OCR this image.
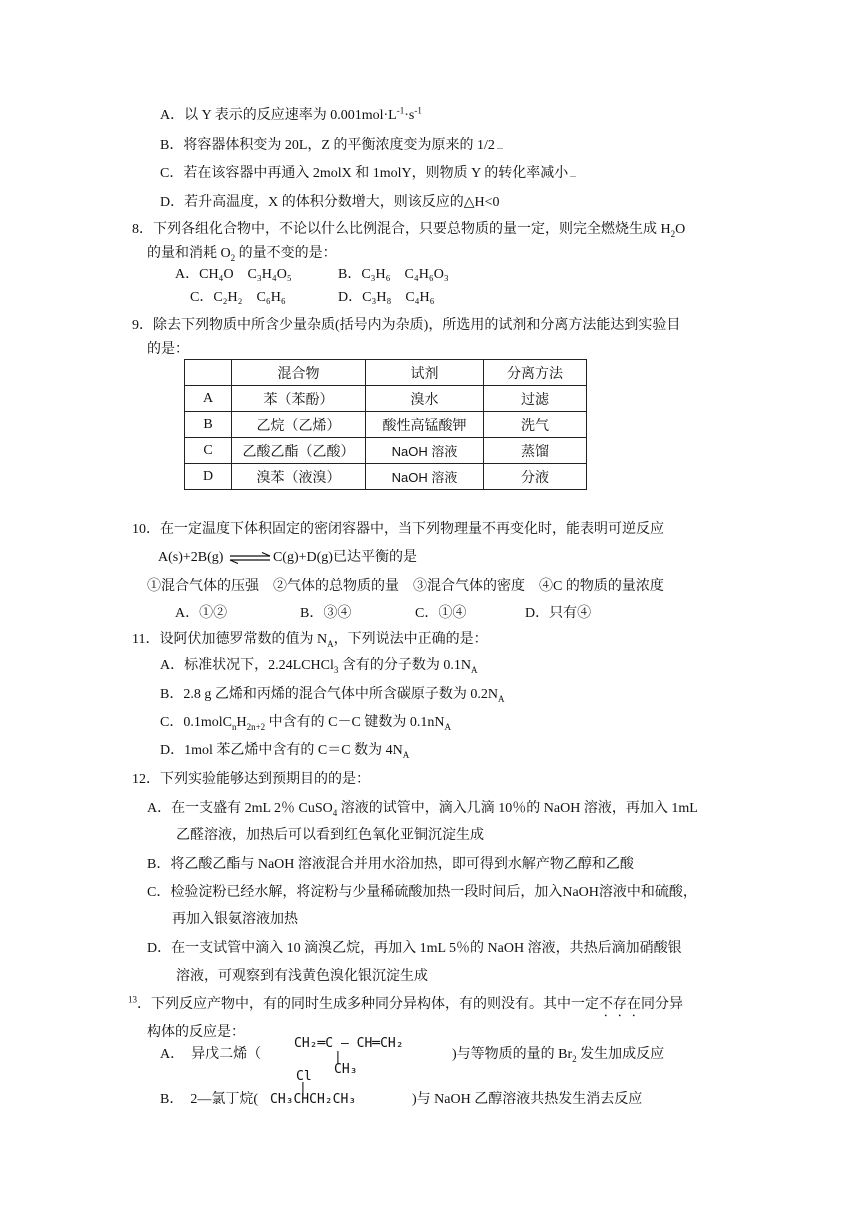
A．以 Y 表示的反应速率为 $0.001mol\cdot L^{-1}\cdot s^{-1}$
B．将容器体积变为 20L，Z 的平衡浓度变为原来的 1/2
C．若在该容器中再通入 2molX 和 1molY，则物质 Y 的转化率减小
D．若升高温度，X 的体积分数增大，则该反应的△H<0
8．下列各组化合物中，不论以什么比例混合，只要总物质的量一定，则完全燃烧生成 $H_2O$
的量和消耗 $O_2$ 的量不变的是：
A．CH₄O　C₃H₄O₅	B．C₃H₆　C₄H₆O₃
C．C₂H₂　C₆H₆	D．C₃H₈　C₄H₆
9．除去下列物质中所含少量杂质(括号内为杂质)，所选用的试剂和分离方法能达到实验目
的是：
	混合物	试剂	分离方法
A	苯（苯酚）	溴水	过滤
B	乙烷（乙烯）	酸性高锰酸钾	洗气
C	乙酸乙酯（乙酸）	NaOH 溶液	蒸馏
D	溴苯（液溴）	NaOH 溶液	分液
10．在一定温度下体积固定的密闭容器中，当下列物理量不再变化时，能表明可逆反应
A(s)+2B(g) ⇌C(g)+D(g)已达平衡的是
①混合气体的压强　②气体的总物质的量　③混合气体的密度　④C 的物质的量浓度
A．①②	B．③④	C．①④	D．只有④
11．设阿伏加德罗常数的值为 $N_A$，下列说法中正确的是：
A．标准状况下，2.24LCHCl$_3$ 含有的分子数为 $0.1N_A$
B．2.8 g 乙烯和丙烯的混合气体中所含碳原子数为 $0.2N_A$
C．$0.1molC_nH_{2n+2}$ 中含有的 C－C 键数为 $0.1nN_A$
D．1mol 苯乙烯中含有的 C＝C 数为 $4N_A$
12．下列实验能够达到预期目的的是：
A．在一支盛有 2mL 2％ CuSO$_4$ 溶液的试管中，滴入几滴 10％的 NaOH 溶液，再加入 1mL
乙醛溶液，加热后可以看到红色氧化亚铜沉淀生成
B．将乙酸乙酯与 NaOH 溶液混合并用水浴加热，即可得到水解产物乙醇和乙酸
C．检验淀粉已经水解，将淀粉与少量稀硫酸加热一段时间后，加入NaOH溶液中和硫酸，
再加入银氨溶液加热
D．在一支试管中滴入 10 滴溴乙烷，再加入 1mL 5％的 NaOH 溶液，共热后滴加硝酸银
溶液，可观察到有浅黄色溴化银沉淀生成
$^{13}$．下列反应产物中，有的同时生成多种同分异构体，有的则没有。其中一定不存在同分异
构体的反应是：
A．　异戊二烯（
CH₂═C — CH═CH₂
|
CH₃
)与等物质的量的 $Br_2$ 发生加成反应
Cl
|
B．　2—氯丁烷( CH₃CHCH₂CH₃	)与 NaOH 乙醇溶液共热发生消去反应
